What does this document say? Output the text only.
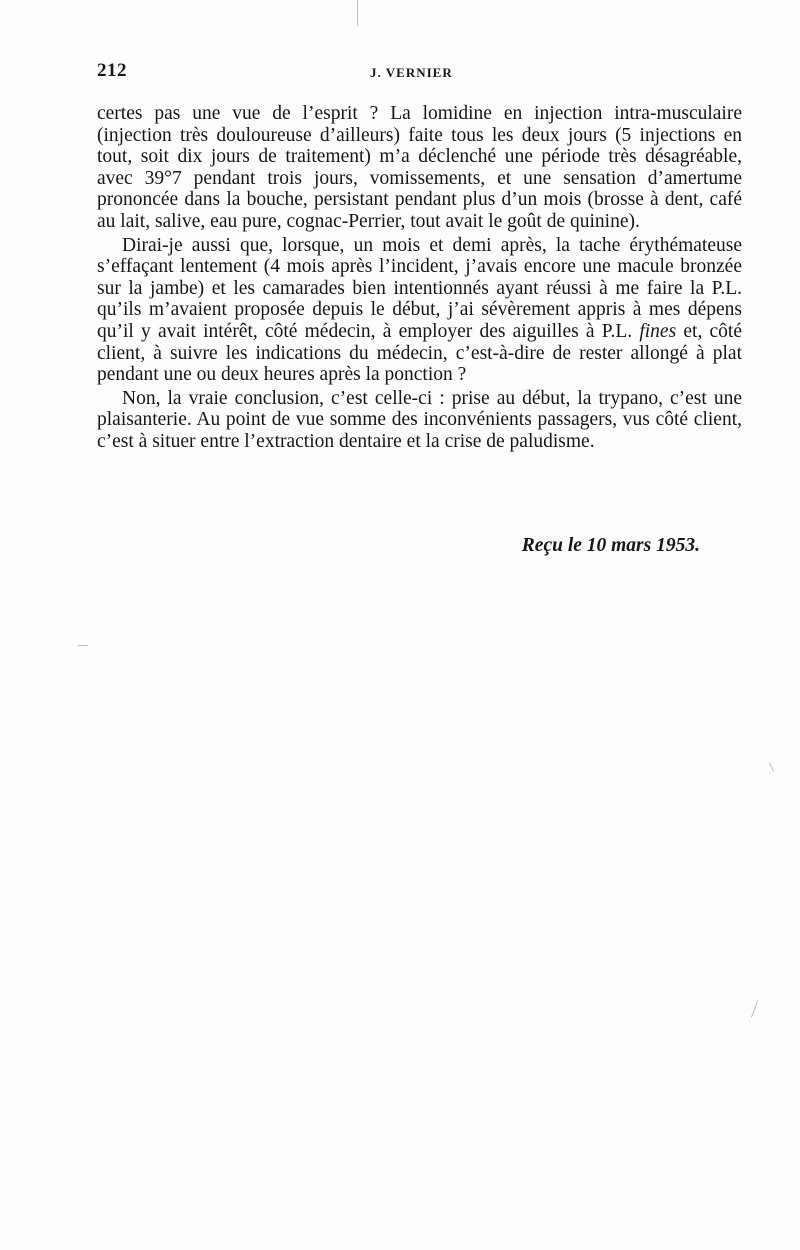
212	J. VERNIER

certes pas une vue de l’esprit ? La lomidine en injection intra-musculaire (injection très douloureuse d’ailleurs) faite tous les deux jours (5 injections en tout, soit dix jours de traitement) m’a déclenché une période très désagréable, avec 39°7 pendant trois jours, vomissements, et une sensation d’amertume prononcée dans la bouche, persistant pendant plus d’un mois (brosse à dent, café au lait, salive, eau pure, cognac-Perrier, tout avait le goût de quinine).

Dirai-je aussi que, lorsque, un mois et demi après, la tache érythémateuse s’effaçant lentement (4 mois après l’incident, j’avais encore une macule bronzée sur la jambe) et les camarades bien intentionnés ayant réussi à me faire la P.L. qu’ils m’avaient proposée depuis le début, j’ai sévèrement appris à mes dépens qu’il y avait intérêt, côté médecin, à employer des aiguilles à P.L. fines et, côté client, à suivre les indications du médecin, c’est-à-dire de rester allongé à plat pendant une ou deux heures après la ponction ?

Non, la vraie conclusion, c’est celle-ci : prise au début, la trypano, c’est une plaisanterie. Au point de vue somme des inconvénients passagers, vus côté client, c’est à situer entre l’extraction dentaire et la crise de paludisme.

Reçu le 10 mars 1953.
